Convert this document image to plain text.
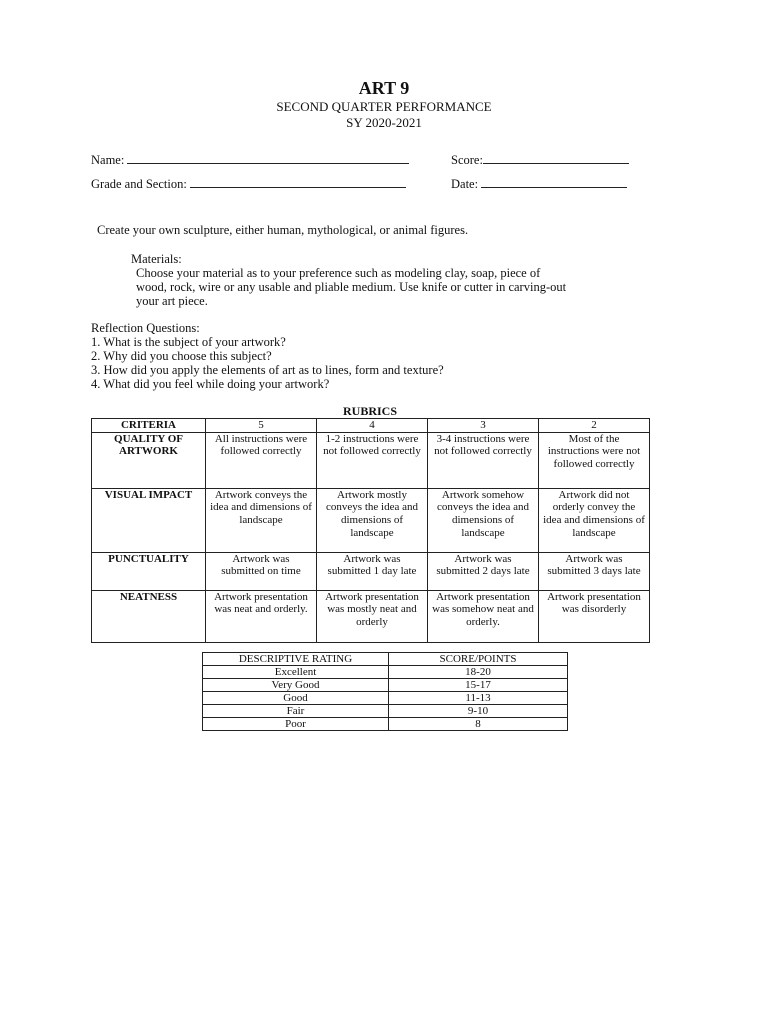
ART 9
SECOND QUARTER PERFORMANCE
SY 2020-2021
Name:	Score:
Grade and Section:	Date:
Create your own sculpture, either human, mythological, or animal figures.
Materials:
Choose your material as to your preference such as modeling clay, soap, piece of
wood, rock, wire or any usable and pliable medium. Use knife or cutter in carving-out
your art piece.
Reflection Questions:
1. What is the subject of your artwork?
2. Why did you choose this subject?
3. How did you apply the elements of art as to lines, form and texture?
4. What did you feel while doing your artwork?
RUBRICS
CRITERIA	5	4	3	2
QUALITY OF ARTWORK	All instructions were followed correctly	1-2 instructions were not followed correctly	3-4 instructions were not followed correctly	Most of the instructions were not followed correctly
VISUAL IMPACT	Artwork conveys the idea and dimensions of landscape	Artwork mostly conveys the idea and dimensions of landscape	Artwork somehow conveys the idea and dimensions of landscape	Artwork did not orderly convey the idea and dimensions of landscape
PUNCTUALITY	Artwork was submitted on time	Artwork was submitted 1 day late	Artwork was submitted 2 days late	Artwork was submitted 3 days late
NEATNESS	Artwork presentation was neat and orderly.	Artwork presentation was mostly neat and orderly	Artwork presentation was somehow neat and orderly.	Artwork presentation was disorderly
DESCRIPTIVE RATING	SCORE/POINTS
Excellent	18-20
Very Good	15-17
Good	11-13
Fair	9-10
Poor	8
